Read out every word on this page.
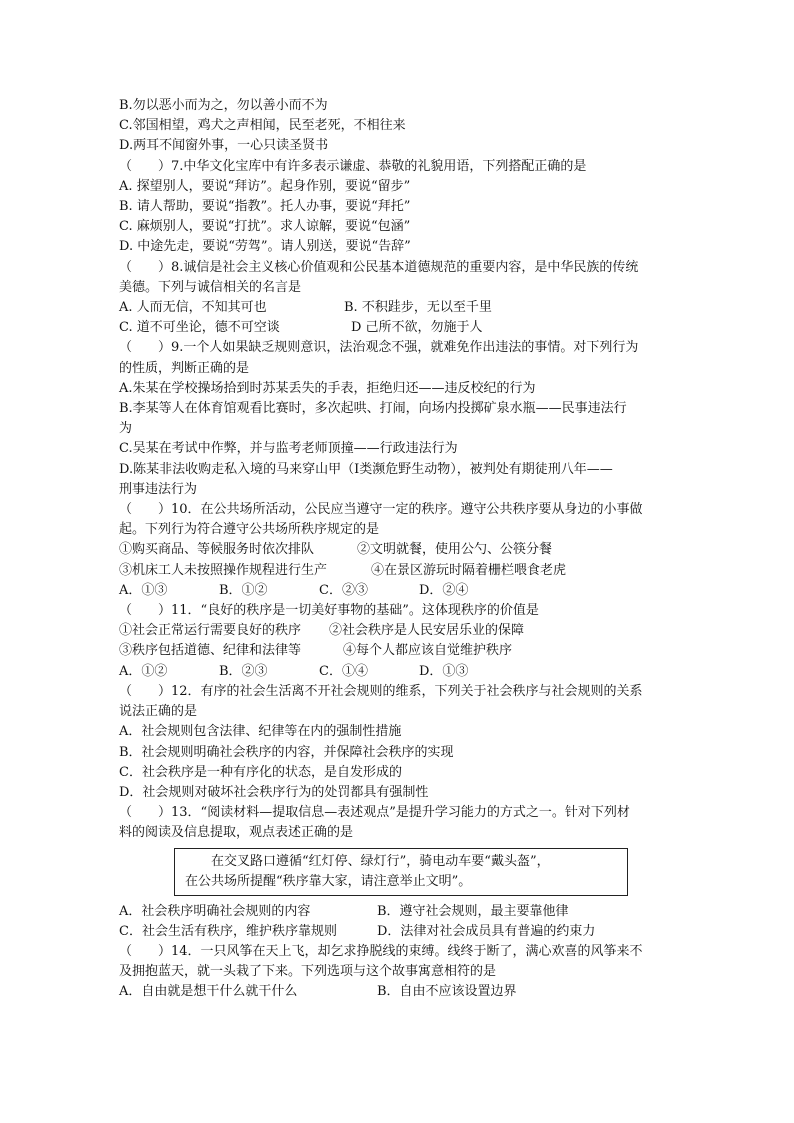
B.勿以恶小而为之，勿以善小而不为
C.邻国相望，鸡犬之声相闻，民至老死，不相往来
D.两耳不闻窗外事，一心只读圣贤书
（　　）7.中华文化宝库中有许多表示谦虚、恭敬的礼貌用语，下列搭配正确的是
A. 探望别人，要说“拜访”。起身作别，要说“留步”
B. 请人帮助，要说“指教”。托人办事，要说“拜托”
C. 麻烦别人，要说“打扰”。求人谅解，要说“包涵”
D. 中途先走，要说“劳驾”。请人别送，要说“告辞”
（　　）8.诚信是社会主义核心价值观和公民基本道德规范的重要内容，是中华民族的传统
美德。下列与诚信相关的名言是
A. 人而无信，不知其可也	B. 不积跬步，无以至千里
C. 道不可坐论，德不可空谈	D 己所不欲，勿施于人
（　　）9.一个人如果缺乏规则意识，法治观念不强，就难免作出违法的事情。对下列行为
的性质，判断正确的是
A.朱某在学校操场拾到时苏某丢失的手表，拒绝归还——违反校纪的行为
B.李某等人在体育馆观看比赛时，多次起哄、打闹，向场内投掷矿泉水瓶——民事违法行
为
C.吴某在考试中作弊，并与监考老师顶撞——行政违法行为
D.陈某非法收购走私入境的马来穿山甲（Ⅰ类濒危野生动物），被判处有期徒刑八年——
刑事违法行为
（　　）10．在公共场所活动，公民应当遵守一定的秩序。遵守公共秩序要从身边的小事做
起。下列行为符合遵守公共场所秩序规定的是
①购买商品、等候服务时依次排队	②文明就餐，使用公勺、公筷分餐
③机床工人未按照操作规程进行生产	④在景区游玩时隔着栅栏喂食老虎
A．①③	B．①②	C．②③	D．②④
（　　）11．“良好的秩序是一切美好事物的基础”。这体现秩序的价值是
①社会正常运行需要良好的秩序 ②社会秩序是人民安居乐业的保障
③秩序包括道德、纪律和法律等	④每个人都应该自觉维护秩序
A．①②	B．②③	C．①④	D．①③
（　　）12．有序的社会生活离不开社会规则的维系，下列关于社会秩序与社会规则的关系
说法正确的是
A．社会规则包含法律、纪律等在内的强制性措施
B．社会规则明确社会秩序的内容，并保障社会秩序的实现
C．社会秩序是一种有序化的状态，是自发形成的
D．社会规则对破坏社会秩序行为的处罚都具有强制性
（　　）13．“阅读材料—提取信息—表述观点”是提升学习能力的方式之一。针对下列材
料的阅读及信息提取，观点表述正确的是
在交叉路口遵循“红灯停、绿灯行”，骑电动车要“戴头盔”，
在公共场所提醒“秩序靠大家，请注意举止文明”。
A．社会秩序明确社会规则的内容	B．遵守社会规则，最主要靠他律
C．社会生活有秩序，维护秩序靠规则	D．法律对社会成员具有普遍的约束力
（　　）14．一只风筝在天上飞，却乞求挣脱线的束缚。线终于断了，满心欢喜的风筝来不
及拥抱蓝天，就一头栽了下来。下列选项与这个故事寓意相符的是
A．自由就是想干什么就干什么	B．自由不应该设置边界
